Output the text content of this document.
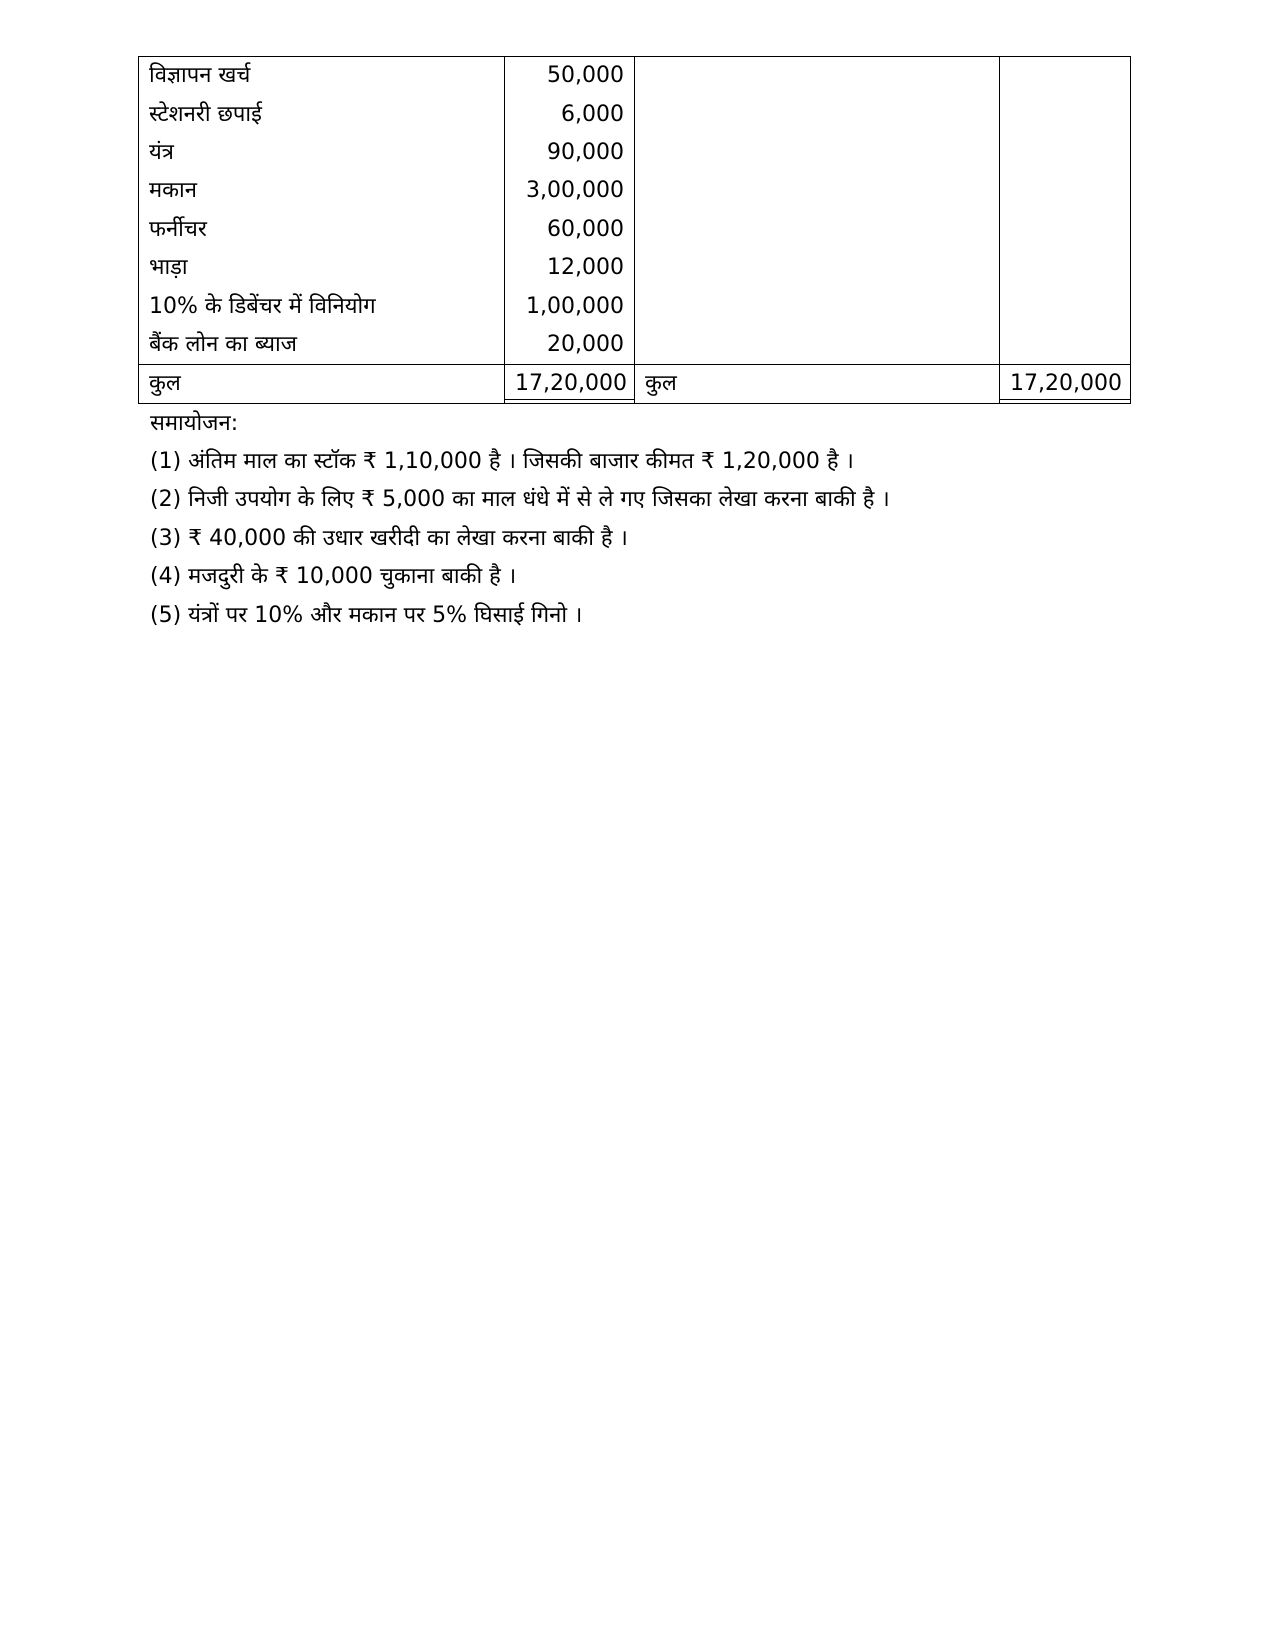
विज्ञापन खर्च	50,000		
स्टेशनरी छपाई	6,000		
यंत्र	90,000		
मकान	3,00,000		
फर्नीचर	60,000		
भाड़ा	12,000		
10% के डिबेंचर में विनियोग	1,00,000		
बैंक लोन का ब्याज	20,000		
कुल	17,20,000	कुल	17,20,000
समायोजन:
(1) अंतिम माल का स्टॉक ₹ 1,10,000 है । जिसकी बाजार कीमत ₹ 1,20,000 है ।
(2) निजी उपयोग के लिए ₹ 5,000 का माल धंधे में से ले गए जिसका लेखा करना बाकी है ।
(3) ₹ 40,000 की उधार खरीदी का लेखा करना बाकी है ।
(4) मजदुरी के ₹ 10,000 चुकाना बाकी है ।
(5) यंत्रों पर 10% और मकान पर 5% घिसाई गिनो ।
